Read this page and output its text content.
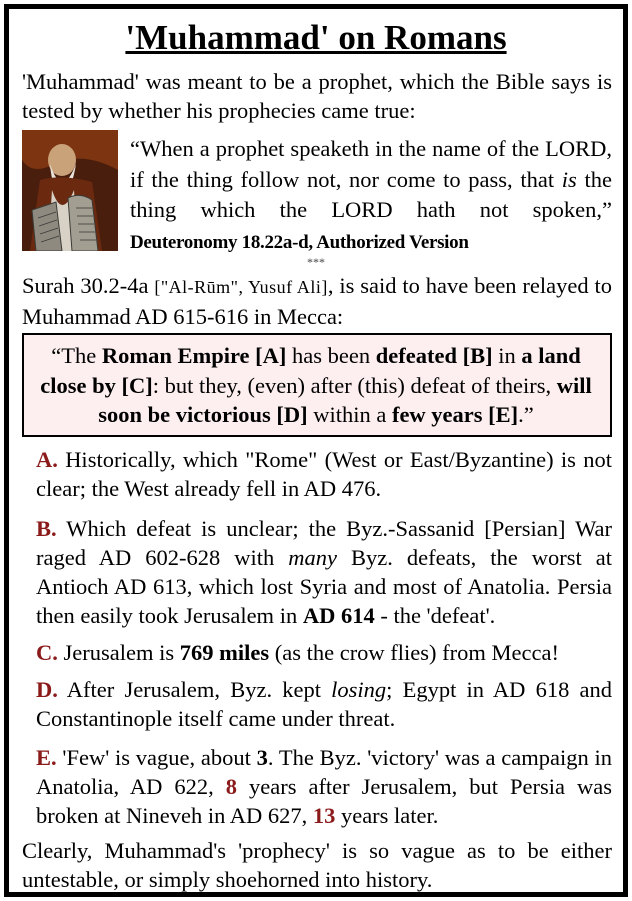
'Muhammad' on Romans
'Muhammad' was meant to be a prophet, which the Bible says is tested by whether his prophecies came true:
“When a prophet speaketh in the name of the LORD, if the thing follow not, nor come to pass, that is the thing which the LORD hath not spoken,” Deuteronomy 18.22a-d, Authorized Version
***
Surah 30.2-4a ["Al-Rūm", Yusuf Ali], is said to have been relayed to Muhammad AD 615-616 in Mecca:
“The Roman Empire [A] has been defeated [B] in a land close by [C]: but they, (even) after (this) defeat of theirs, will soon be victorious [D] within a few years [E].”
A. Historically, which "Rome" (West or East/Byzantine) is not clear; the West already fell in AD 476.
B. Which defeat is unclear; the Byz.-Sassanid [Persian] War raged AD 602-628 with many Byz. defeats, the worst at Antioch AD 613, which lost Syria and most of Anatolia. Persia then easily took Jerusalem in AD 614 - the 'defeat'.
C. Jerusalem is 769 miles (as the crow flies) from Mecca!
D. After Jerusalem, Byz. kept losing; Egypt in AD 618 and Constantinople itself came under threat.
E. 'Few' is vague, about 3. The Byz. 'victory' was a campaign in Anatolia, AD 622, 8 years after Jerusalem, but Persia was broken at Nineveh in AD 627, 13 years later.
Clearly, Muhammad's 'prophecy' is so vague as to be either untestable, or simply shoehorned into history.
